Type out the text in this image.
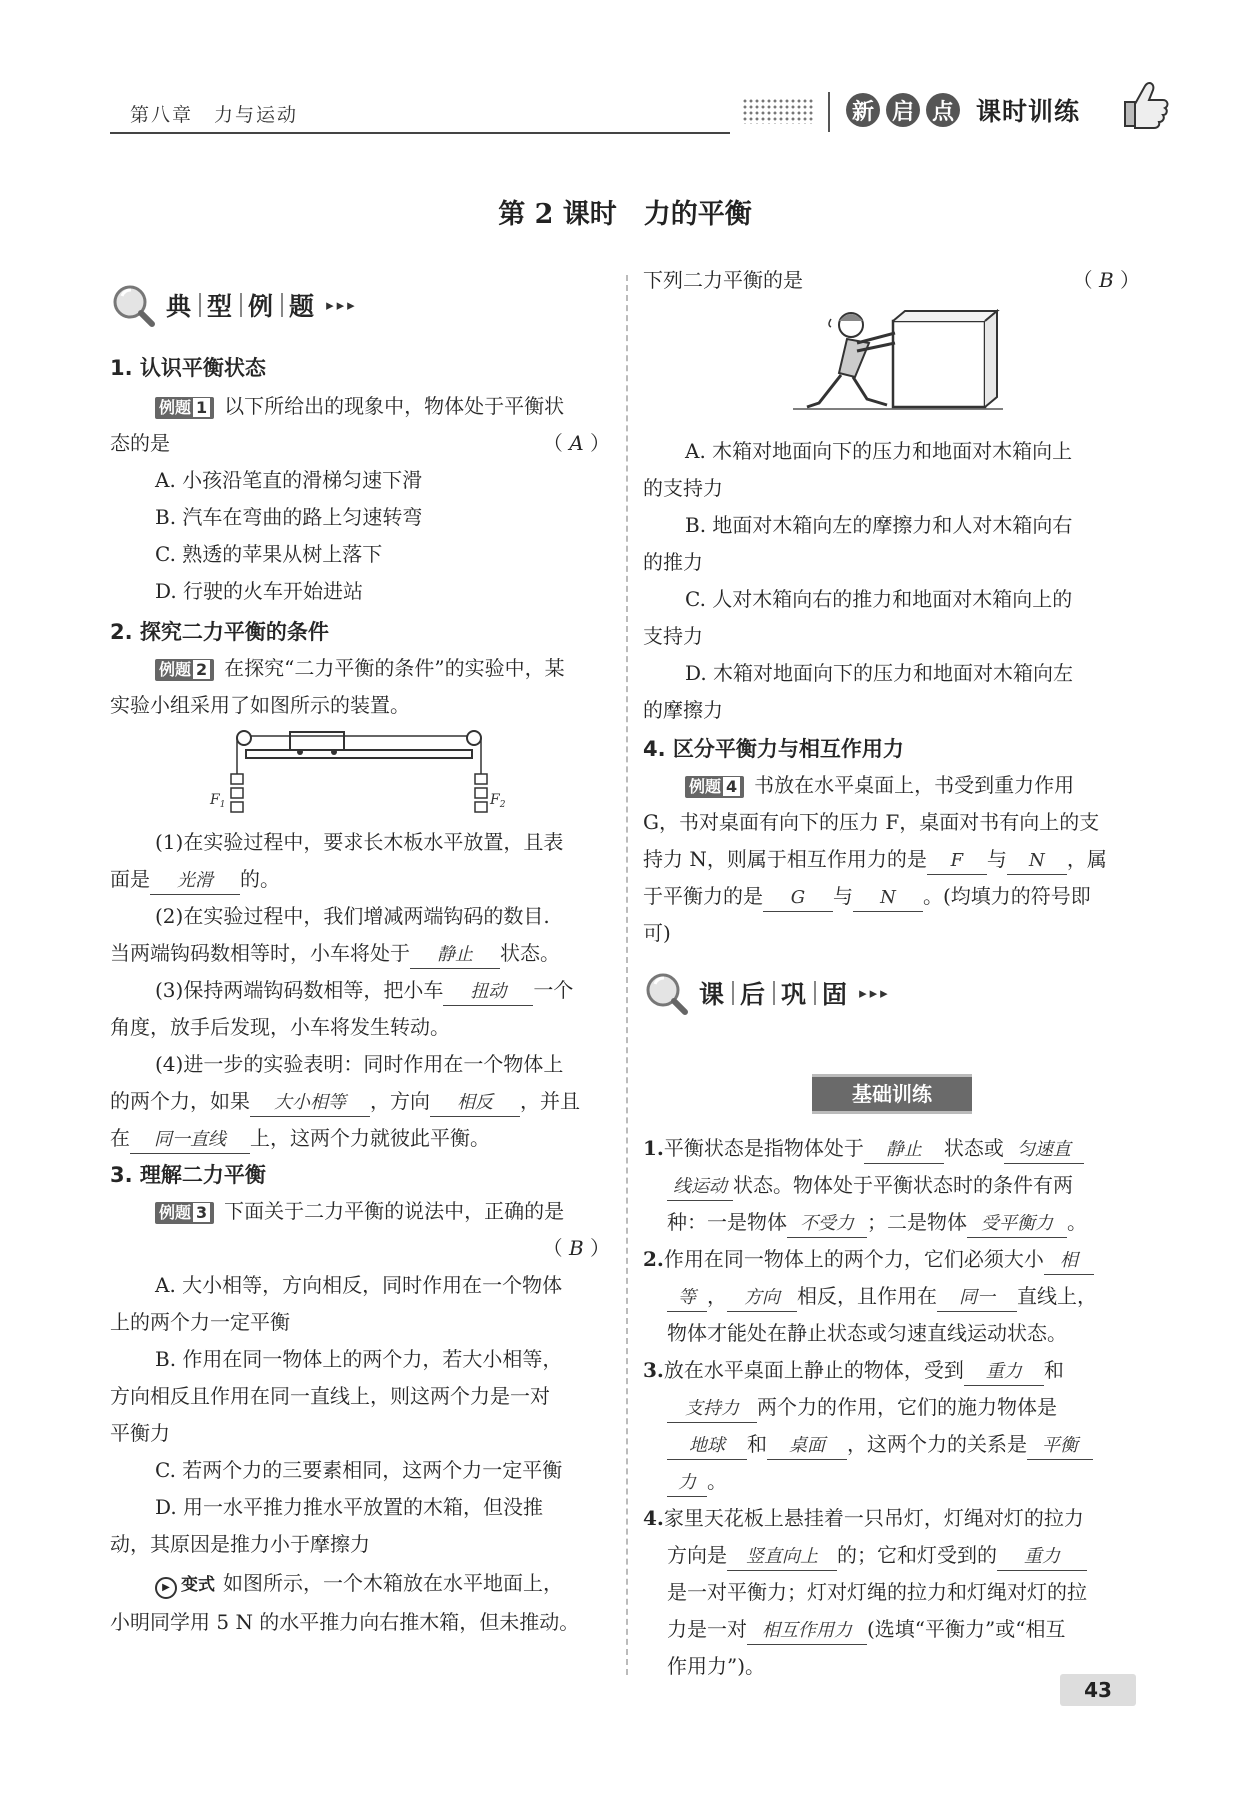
第八章　力与运动	新 启 点 课时训练
第 2 课时　力的平衡
典 型 例 题 ▸▸▸
1. 认识平衡状态
例题 1 以下所给出的现象中，物体处于平衡状
态的是	（ A ）
A. 小孩沿笔直的滑梯匀速下滑
B. 汽车在弯曲的路上匀速转弯
C. 熟透的苹果从树上落下
D. 行驶的火车开始进站
2. 探究二力平衡的条件
例题 2 在探究“二力平衡的条件”的实验中，某
实验小组采用了如图所示的装置。
$F_1$	$F_2$
(1)在实验过程中，要求长木板水平放置，且表
面是 光滑 的。
(2)在实验过程中，我们增减两端钩码的数目.
当两端钩码数相等时，小车将处于 静止 状态。
(3)保持两端钩码数相等，把小车 扭动 一个
角度，放手后发现，小车将发生转动。
(4)进一步的实验表明：同时作用在一个物体上
的两个力，如果 大小相等 ，方向 相反 ，并且
在 同一直线 上，这两个力就彼此平衡。
3. 理解二力平衡
例题 3 下面关于二力平衡的说法中，正确的是
（ B ）
A. 大小相等，方向相反，同时作用在一个物体
上的两个力一定平衡
B. 作用在同一物体上的两个力，若大小相等，
方向相反且作用在同一直线上，则这两个力是一对
平衡力
C. 若两个力的三要素相同，这两个力一定平衡
D. 用一水平推力推水平放置的木箱，但没推
动，其原因是推力小于摩擦力
▶ 变式 如图所示，一个木箱放在水平地面上，
小明同学用 5 N 的水平推力向右推木箱，但未推动。
下列二力平衡的是	（ B ）
A. 木箱对地面向下的压力和地面对木箱向上
的支持力
B. 地面对木箱向左的摩擦力和人对木箱向右
的推力
C. 人对木箱向右的推力和地面对木箱向上的
支持力
D. 木箱对地面向下的压力和地面对木箱向左
的摩擦力
4. 区分平衡力与相互作用力
例题 4 书放在水平桌面上，书受到重力作用
G，书对桌面有向下的压力 F，桌面对书有向上的支
持力 N，则属于相互作用力的是 F 与 N ，属
于平衡力的是 G 与 N 。(均填力的符号即
可)
课 后 巩 固 ▸▸▸
基础训练
1.平衡状态是指物体处于 静止 状态或 匀速直
线运动 状态。物体处于平衡状态时的条件有两
种：一是物体 不受力 ；二是物体 受平衡力 。
2.作用在同一物体上的两个力，它们必须大小 相
等 ， 方向 相反，且作用在 同一 直线上，
物体才能处在静止状态或匀速直线运动状态。
3.放在水平桌面上静止的物体，受到 重力 和
支持力 两个力的作用，它们的施力物体是
地球 和 桌面 ，这两个力的关系是 平衡
力 。
4.家里天花板上悬挂着一只吊灯，灯绳对灯的拉力
方向是 竖直向上 的；它和灯受到的 重力
是一对平衡力；灯对灯绳的拉力和灯绳对灯的拉
力是一对 相互作用力 (选填“平衡力”或“相互
作用力”)。
43
